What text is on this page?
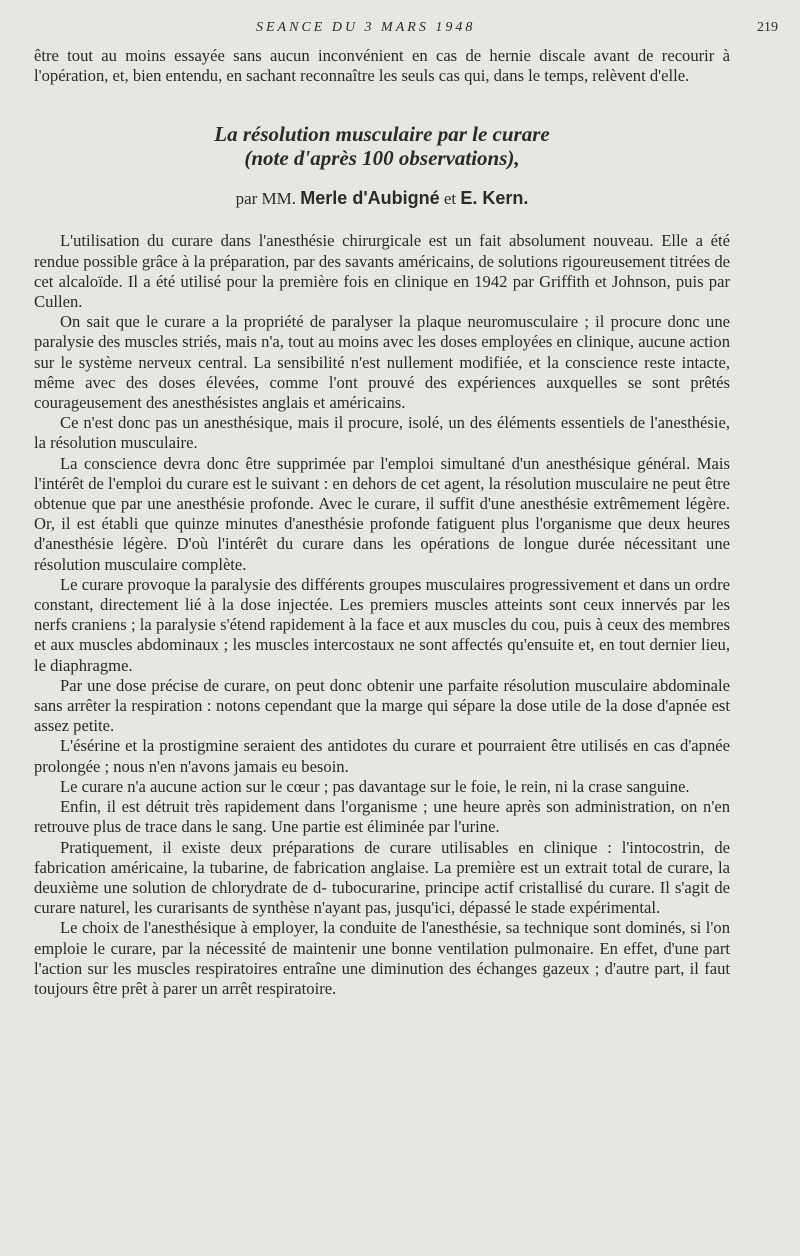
SEANCE DU 3 MARS 1948	219

être tout au moins essayée sans aucun inconvénient en cas de hernie discale avant de recourir à l'opération, et, bien entendu, en sachant reconnaître les seuls cas qui, dans le temps, relèvent d'elle.

La résolution musculaire par le curare
(note d'après 100 observations),
par MM. Merle d'Aubigné et E. Kern.

L'utilisation du curare dans l'anesthésie chirurgicale est un fait absolument nouveau. Elle a été rendue possible grâce à la préparation, par des savants américains, de solutions rigoureusement titrées de cet alcaloïde. Il a été utilisé pour la première fois en clinique en 1942 par Griffith et Johnson, puis par Cullen.

On sait que le curare a la propriété de paralyser la plaque neuromusculaire ; il procure donc une paralysie des muscles striés, mais n'a, tout au moins avec les doses employées en clinique, aucune action sur le système nerveux central. La sensibilité n'est nullement modifiée, et la conscience reste intacte, même avec des doses élevées, comme l'ont prouvé des expériences auxquelles se sont prêtés courageusement des anesthésistes anglais et américains.

Ce n'est donc pas un anesthésique, mais il procure, isolé, un des éléments essentiels de l'anesthésie, la résolution musculaire.

La conscience devra donc être supprimée par l'emploi simultané d'un anesthésique général. Mais l'intérêt de l'emploi du curare est le suivant : en dehors de cet agent, la résolution musculaire ne peut être obtenue que par une anesthésie profonde. Avec le curare, il suffit d'une anesthésie extrêmement légère. Or, il est établi que quinze minutes d'anesthésie profonde fatiguent plus l'organisme que deux heures d'anesthésie légère. D'où l'intérêt du curare dans les opérations de longue durée nécessitant une résolution musculaire complète.

Le curare provoque la paralysie des différents groupes musculaires progressivement et dans un ordre constant, directement lié à la dose injectée. Les premiers muscles atteints sont ceux innervés par les nerfs craniens ; la paralysie s'étend rapidement à la face et aux muscles du cou, puis à ceux des membres et aux muscles abdominaux ; les muscles intercostaux ne sont affectés qu'ensuite et, en tout dernier lieu, le diaphragme.

Par une dose précise de curare, on peut donc obtenir une parfaite résolution musculaire abdominale sans arrêter la respiration : notons cependant que la marge qui sépare la dose utile de la dose d'apnée est assez petite.

L'ésérine et la prostigmine seraient des antidotes du curare et pourraient être utilisés en cas d'apnée prolongée ; nous n'en n'avons jamais eu besoin.

Le curare n'a aucune action sur le cœur ; pas davantage sur le foie, le rein, ni la crase sanguine.

Enfin, il est détruit très rapidement dans l'organisme ; une heure après son administration, on n'en retrouve plus de trace dans le sang. Une partie est éliminée par l'urine.

Pratiquement, il existe deux préparations de curare utilisables en clinique : l'intocostrin, de fabrication américaine, la tubarine, de fabrication anglaise. La première est un extrait total de curare, la deuxième une solution de chlorydrate de d- tubocurarine, principe actif cristallisé du curare. Il s'agit de curare naturel, les curarisants de synthèse n'ayant pas, jusqu'ici, dépassé le stade expérimental.

Le choix de l'anesthésique à employer, la conduite de l'anesthésie, sa technique sont dominés, si l'on emploie le curare, par la nécessité de maintenir une bonne ventilation pulmonaire. En effet, d'une part l'action sur les muscles respiratoires entraîne une diminution des échanges gazeux ; d'autre part, il faut toujours être prêt à parer un arrêt respiratoire.
